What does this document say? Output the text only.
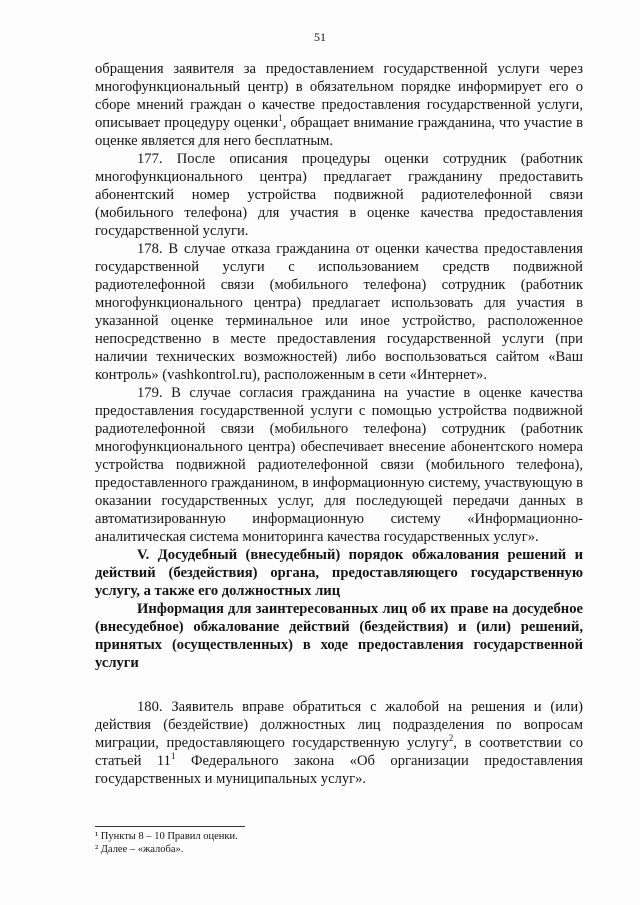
51

обращения заявителя за предоставлением государственной услуги через многофункциональный центр) в обязательном порядке информирует его о сборе мнений граждан о качестве предоставления государственной услуги, описывает процедуру оценки$^1$, обращает внимание гражданина, что участие в оценке является для него бесплатным.

177. После описания процедуры оценки сотрудник (работник многофункционального центра) предлагает гражданину предоставить абонентский номер устройства подвижной радиотелефонной связи (мобильного телефона) для участия в оценке качества предоставления государственной услуги.

178. В случае отказа гражданина от оценки качества предоставления государственной услуги с использованием средств подвижной радиотелефонной связи (мобильного телефона) сотрудник (работник многофункционального центра) предлагает использовать для участия в указанной оценке терминальное или иное устройство, расположенное непосредственно в месте предоставления государственной услуги (при наличии технических возможностей) либо воспользоваться сайтом «Ваш контроль» (vashkontrol.ru), расположенным в сети «Интернет».

179. В случае согласия гражданина на участие в оценке качества предоставления государственной услуги с помощью устройства подвижной радиотелефонной связи (мобильного телефона) сотрудник (работник многофункционального центра) обеспечивает внесение абонентского номера устройства подвижной радиотелефонной связи (мобильного телефона), предоставленного гражданином, в информационную систему, участвующую в оказании государственных услуг, для последующей передачи данных в автоматизированную информационную систему «Информационно-аналитическая система мониторинга качества государственных услуг».

V. Досудебный (внесудебный) порядок обжалования решений и действий (бездействия) органа, предоставляющего государственную услугу, а также его должностных лиц

Информация для заинтересованных лиц об их праве на досудебное (внесудебное) обжалование действий (бездействия) и (или) решений, принятых (осуществленных) в ходе предоставления государственной услуги

180. Заявитель вправе обратиться с жалобой на решения и (или) действия (бездействие) должностных лиц подразделения по вопросам миграции, предоставляющего государственную услугу$^2$, в соответствии со статьей $11^1$ Федерального закона «Об организации предоставления государственных и муниципальных услуг».

¹ Пункты 8 – 10 Правил оценки.

² Далее – «жалоба».
